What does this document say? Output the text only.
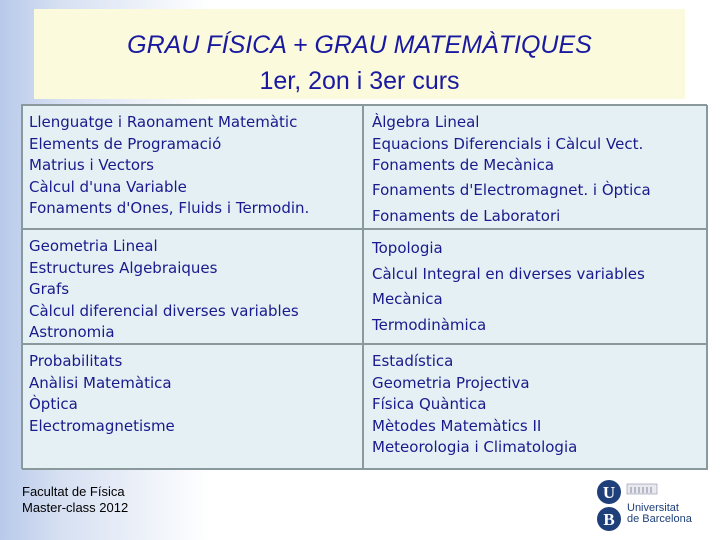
GRAU FÍSICA + GRAU MATEMÀTIQUES
1er, 2on i 3er curs
Llenguatge i Raonament Matemàtic
Elements de Programació
Matrius i Vectors
Càlcul d'una Variable
Fonaments d'Ones, Fluids i Termodin.
Àlgebra Lineal
Equacions Diferencials i Càlcul Vect.
Fonaments de Mecànica
Fonaments d'Electromagnet. i Òptica
Fonaments de Laboratori
Geometria Lineal
Estructures Algebraiques
Grafs
Càlcul diferencial diverses variables
Astronomia
Topologia
Càlcul Integral en diverses variables
Mecànica
Termodinàmica
Probabilitats
Anàlisi Matemàtica
Òptica
Electromagnetisme
Estadística
Geometria Projectiva
Física Quàntica
Mètodes Matemàtics II
Meteorologia i Climatologia
Facultat de Física
Master-class 2012
U
B
Universitat
de Barcelona
